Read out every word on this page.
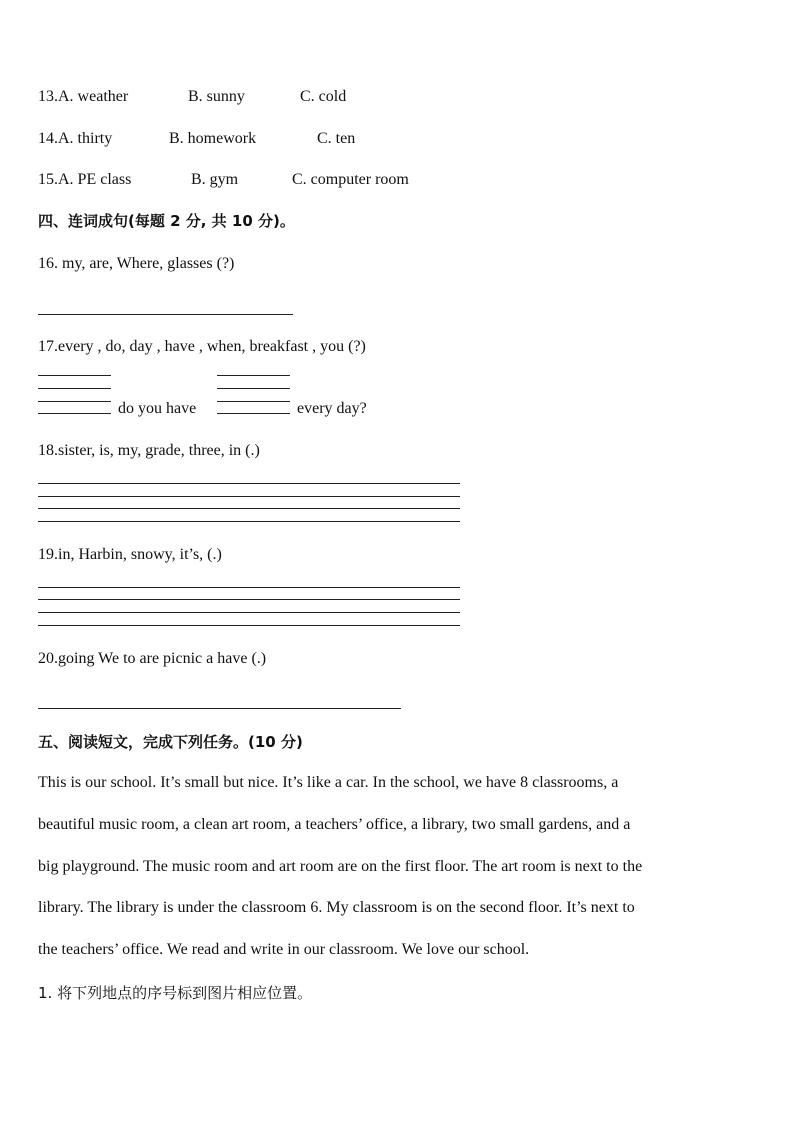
13.A. weather	B. sunny	C. cold
14.A. thirty	B. homework	C. ten
15.A. PE class	B. gym	C. computer room
四、连词成句(每题 2 分, 共 10 分)。
16. my, are, Where, glasses (?)
17.every , do, day , have , when, breakfast , you (?)
do you have	every day?
18.sister, is, my, grade, three, in (.)
19.in, Harbin, snowy, it’s, (.)
20.going We to are picnic a have (.)
五、阅读短文，完成下列任务。(10 分)
This is our school. It’s small but nice. It’s like a car. In the school, we have 8 classrooms, a
beautiful music room, a clean art room, a teachers’ office, a library, two small gardens, and a
big playground. The music room and art room are on the first floor. The art room is next to the
library. The library is under the classroom 6. My classroom is on the second floor. It’s next to
the teachers’ office. We read and write in our classroom. We love our school.
1. 将下列地点的序号标到图片相应位置。
